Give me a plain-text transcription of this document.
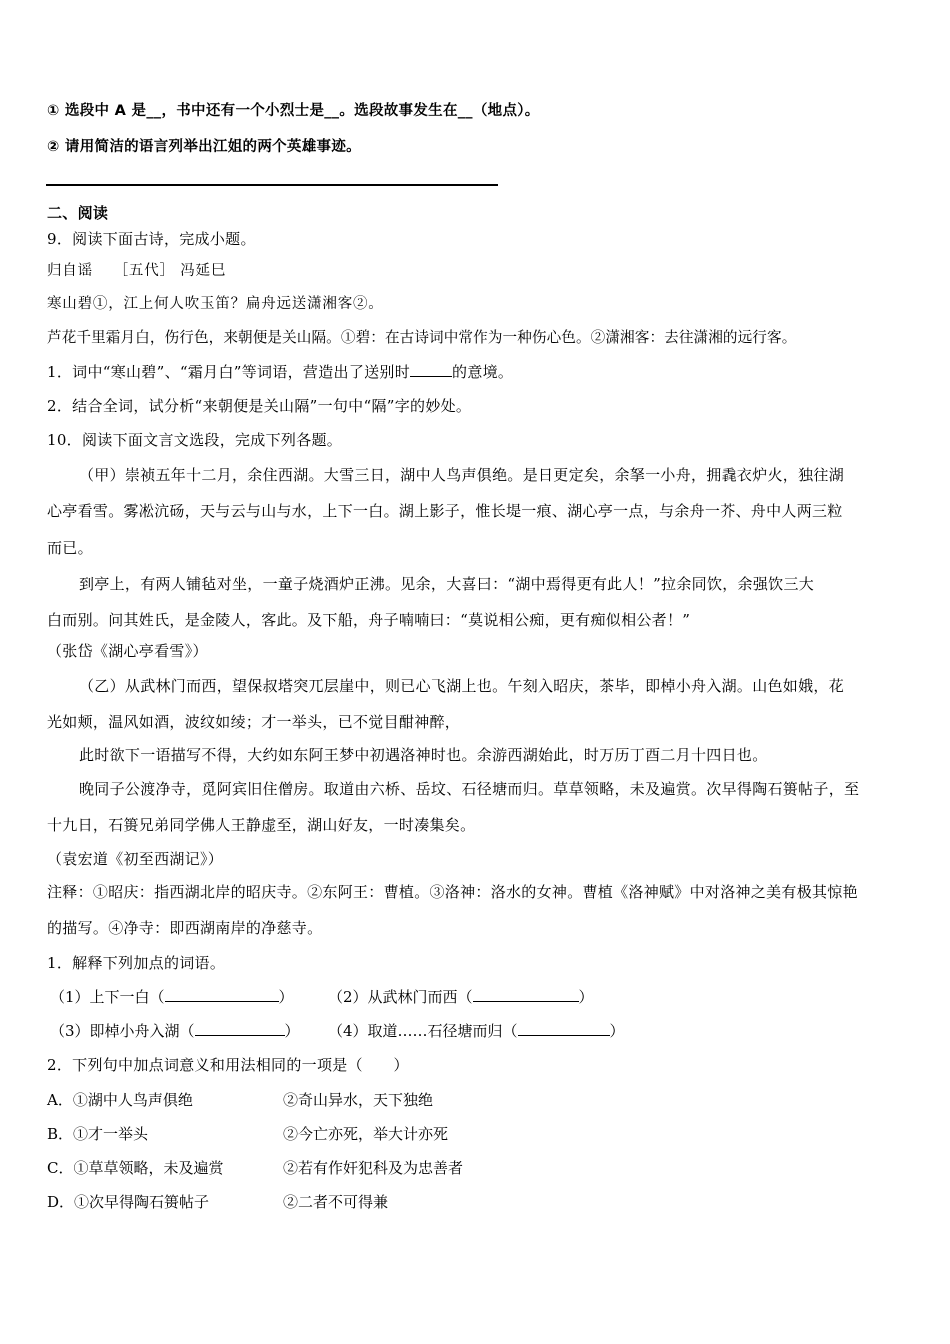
① 选段中 A 是__，书中还有一个小烈士是__。选段故事发生在__（地点）。
② 请用简洁的语言列举出江姐的两个英雄事迹。
二、阅读
9．阅读下面古诗，完成小题。
归自谣　 ［五代］ 冯延巳
寒山碧①，江上何人吹玉笛？扁舟远送潇湘客②。
芦花千里霜月白，伤行色，来朝便是关山隔。①碧：在古诗词中常作为一种伤心色。②潇湘客：去往潇湘的远行客。
1．词中“寒山碧”、“霜月白”等词语，营造出了送别时	的意境。
2．结合全词，试分析“来朝便是关山隔”一句中“隔”字的妙处。
10．阅读下面文言文选段，完成下列各题。
（甲）崇祯五年十二月，余住西湖。大雪三日，湖中人鸟声俱绝。是日更定矣，余拏一小舟，拥毳衣炉火，独往湖
心亭看雪。雾凇沆砀，天与云与山与水，上下一白。湖上影子，惟长堤一痕、湖心亭一点，与余舟一芥、舟中人两三粒
而已。
到亭上，有两人铺毡对坐，一童子烧酒炉正沸。见余，大喜曰：“湖中焉得更有此人！”拉余同饮，余强饮三大
白而别。问其姓氏，是金陵人，客此。及下船，舟子喃喃曰：“莫说相公痴，更有痴似相公者！”
（张岱《湖心亭看雪》）
（乙）从武林门而西，望保叔塔突兀层崖中，则已心飞湖上也。午刻入昭庆，茶毕，即棹小舟入湖。山色如娥，花
光如颊，温风如酒，波纹如绫；才一举头，已不觉目酣神醉，
此时欲下一语描写不得，大约如东阿王梦中初遇洛神时也。余游西湖始此，时万历丁酉二月十四日也。
晚同子公渡净寺，觅阿宾旧住僧房。取道由六桥、岳坟、石径塘而归。草草领略，未及遍赏。次早得陶石篑帖子，至
十九日，石篑兄弟同学佛人王静虚至，湖山好友，一时凑集矣。
（袁宏道《初至西湖记》）
注释：①昭庆：指西湖北岸的昭庆寺。②东阿王：曹植。③洛神：洛水的女神。曹植《洛神赋》中对洛神之美有极其惊艳
的描写。④净寺：即西湖南岸的净慈寺。
1．解释下列加点的词语。
（1）上下一白（	） （2）从武林门而西（	）
（3）即棹小舟入湖（	） （4）取道……石径塘而归（	）
2．下列句中加点词意义和用法相同的一项是（　　）
A．①湖中人鸟声俱绝	②奇山异水，天下独绝
B．①才一举头	②今亡亦死，举大计亦死
C．①草草领略，未及遍赏	②若有作奸犯科及为忠善者
D．①次早得陶石篑帖子	②二者不可得兼
